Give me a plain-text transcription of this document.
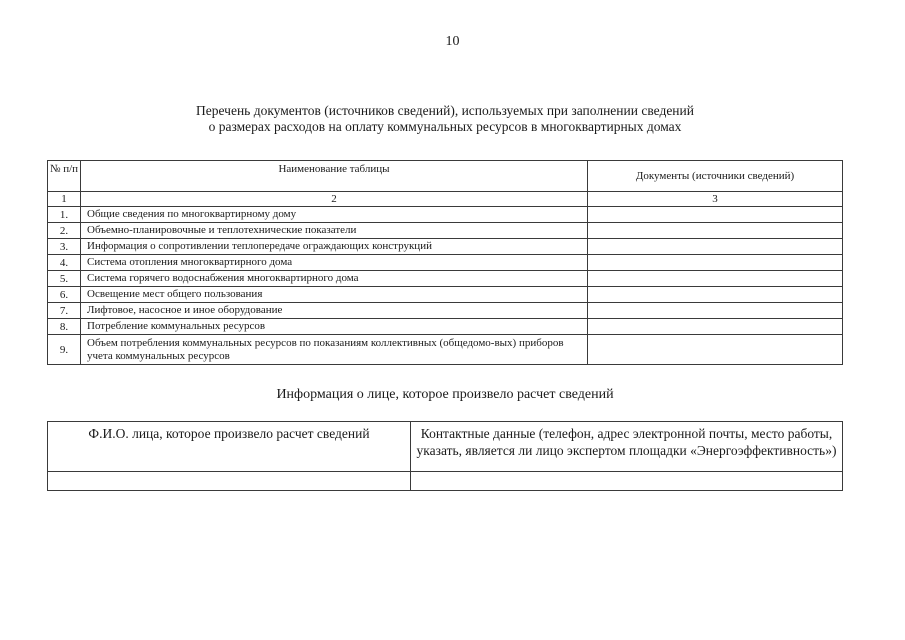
10
Перечень документов (источников сведений), используемых при заполнении сведений
о размерах расходов на оплату коммунальных ресурсов в многоквартирных домах
№ п/п	Наименование таблицы	Документы (источники сведений)
1	2	3
1.	Общие сведения по многоквартирному дому	
2.	Объемно-планировочные и теплотехнические показатели	
3.	Информация о сопротивлении теплопередаче ограждающих конструкций	
4.	Система отопления многоквартирного дома	
5.	Система горячего водоснабжения многоквартирного дома	
6.	Освещение мест общего пользования	
7.	Лифтовое, насосное и иное оборудование	
8.	Потребление коммунальных ресурсов	
9.	Объем потребления коммунальных ресурсов по показаниям коллективных (общедомо-вых) приборов учета коммунальных ресурсов	
Информация о лице, которое произвело расчет сведений
Ф.И.О. лица, которое произвело расчет сведений	Контактные данные (телефон, адрес электронной почты, место работы, указать, является ли лицо экспертом площадки «Энергоэффективность»)
